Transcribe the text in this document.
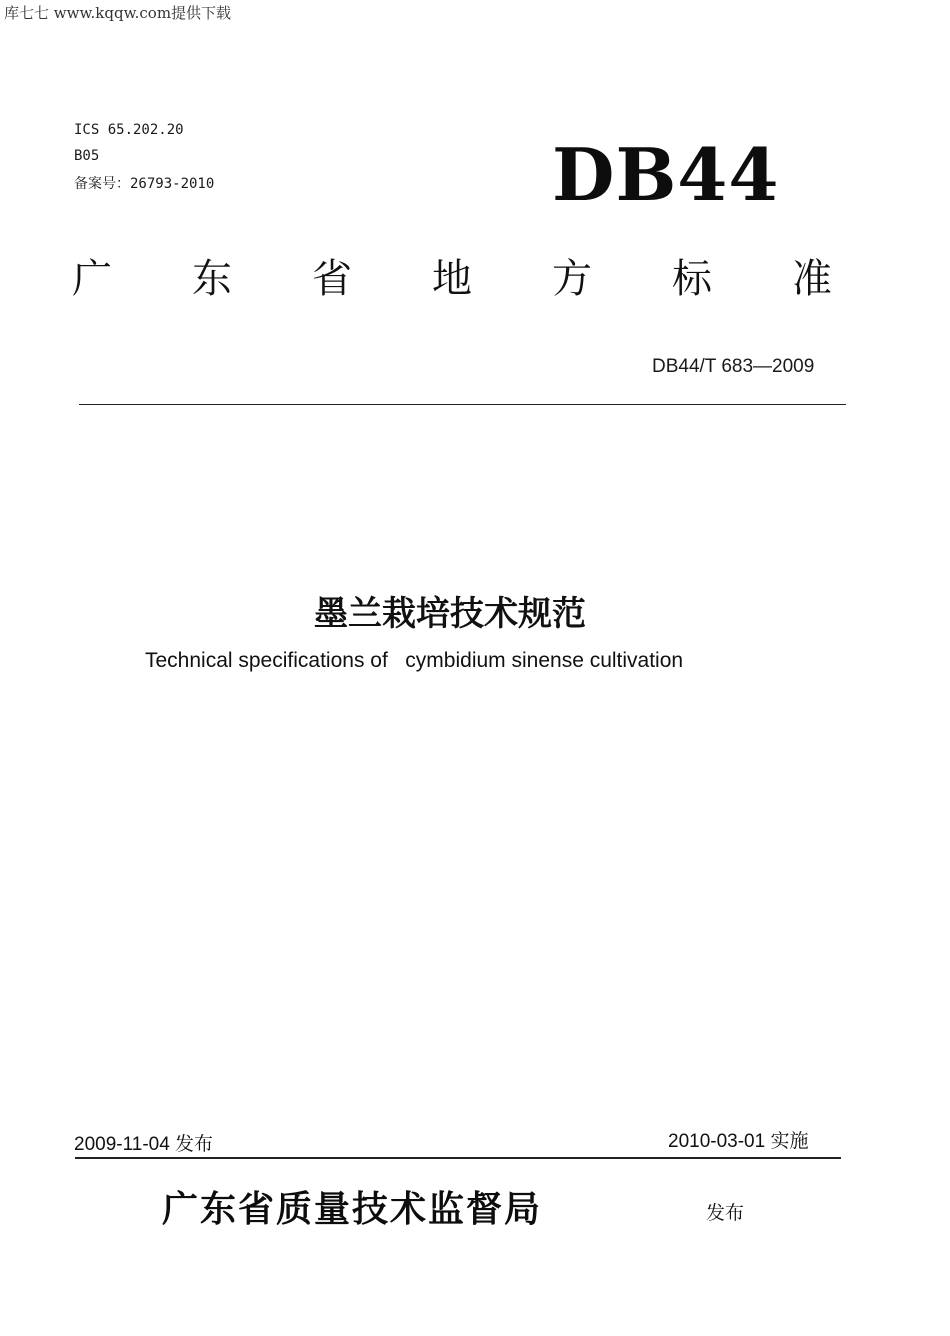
库七七 www.kqqw.com提供下载
ICS 65.202.20
B05
备案号：26793-2010	DB44
广 东 省 地 方 标 准
DB44/T 683—2009
墨兰栽培技术规范
Technical specifications of   cymbidium sinense cultivation
2009-11-04 发布	2010-03-01 实施
广东省质量技术监督局	发布
